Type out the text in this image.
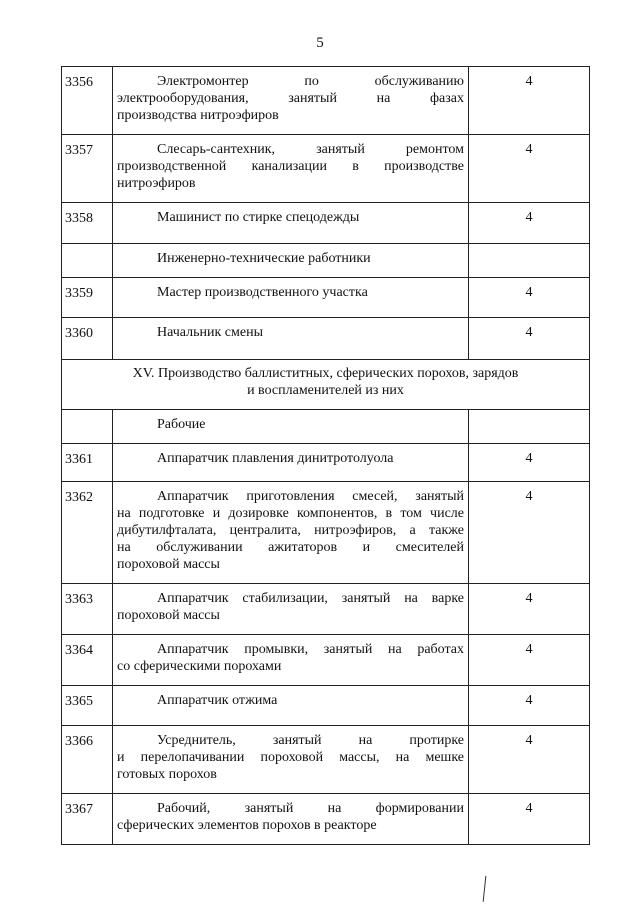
5
3356	Электромонтер по обслуживанию
электрооборудования, занятый на фазах
производства нитроэфиров	4
3357	Слесарь-сантехник, занятый ремонтом
производственной канализации в производстве
нитроэфиров	4
3358	Машинист по стирке спецодежды	4

	Инженерно-технические работники	

3359	Мастер производственного участка	4
3360	Начальник смены	4

XV. Производство баллиститных, сферических порохов, зарядов
и воспламенителей из них		

	Рабочие	

3361	Аппаратчик плавления динитротолуола	4
3362	Аппаратчик приготовления смесей, занятый
на подготовке и дозировке компонентов, в том числе
дибутилфталата, централита, нитроэфиров, а также
на обслуживании ажитаторов и смесителей
пороховой массы	4
3363	Аппаратчик стабилизации, занятый на варке
пороховой массы	4
3364	Аппаратчик промывки, занятый на работах
со сферическими порохами	4
3365	Аппаратчик отжима	4
3366	Усреднитель, занятый на протирке
и перелопачивании пороховой массы, на мешке
готовых порохов	4
3367	Рабочий, занятый на формировании
сферических элементов порохов в реакторе	4
